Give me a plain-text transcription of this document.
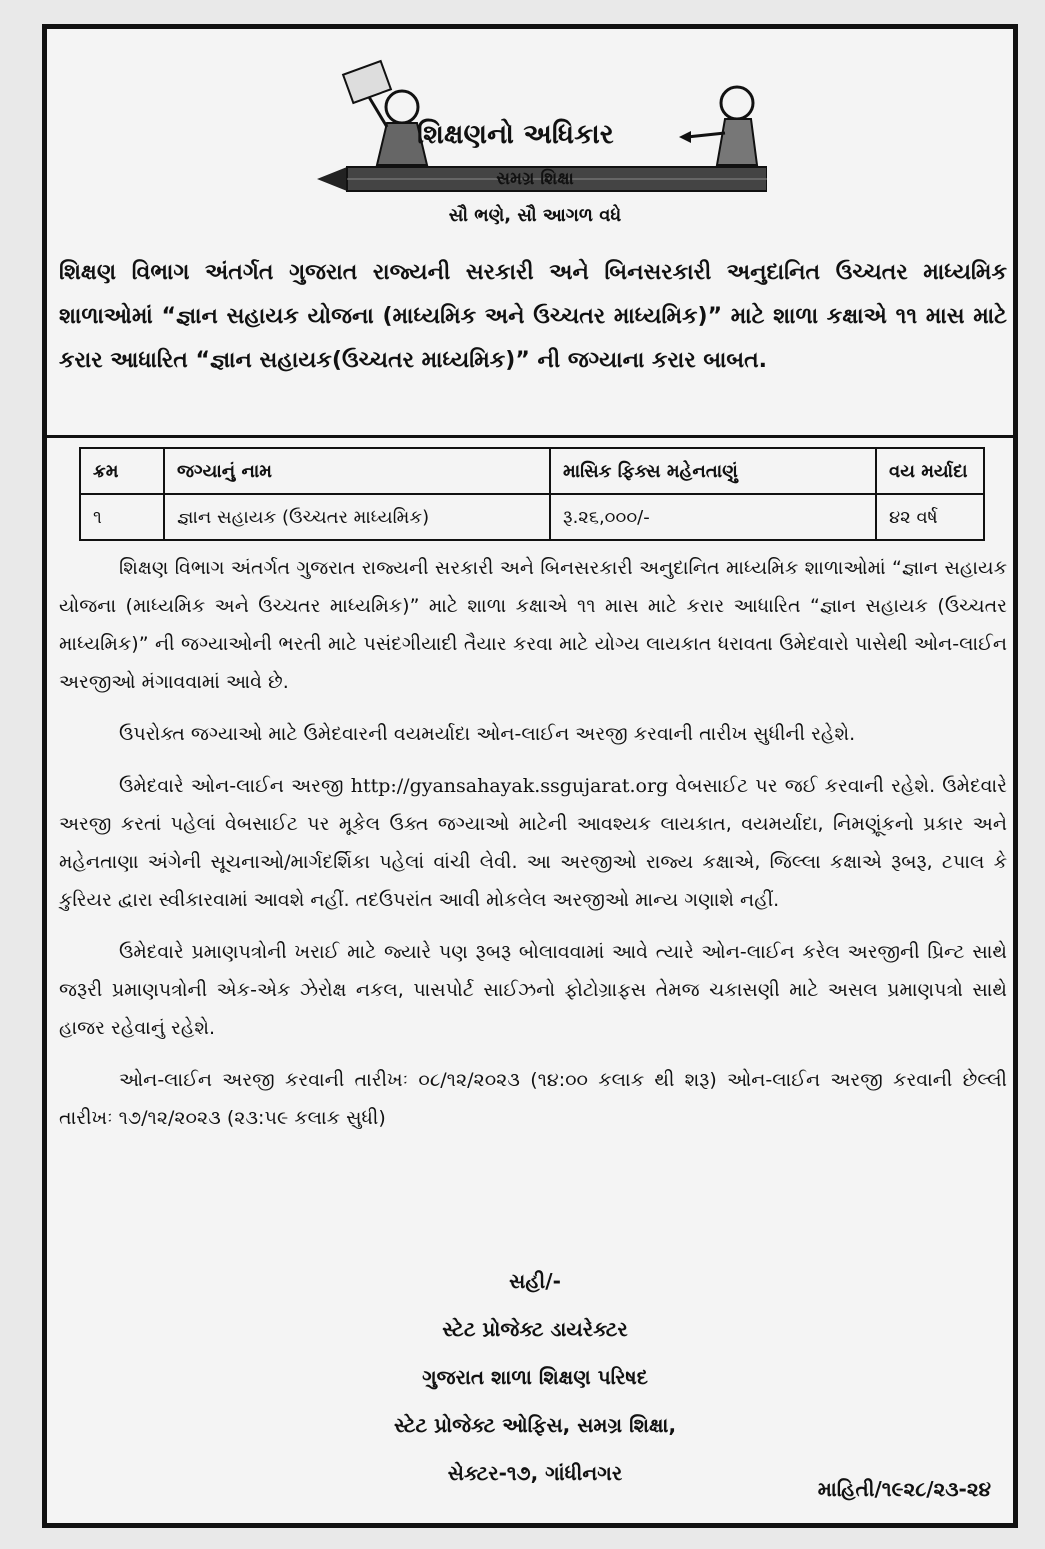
શિક્ષણનો અધિકાર
સમગ્ર શિક્ષા
સૌ ભણે, સૌ આગળ વધે
શિક્ષણ વિભાગ અંતર્ગત ગુજરાત રાજ્યની સરકારી અને બિનસરકારી અનુદાનિત ઉચ્ચતર માધ્યમિક શાળાઓમાં “જ્ઞાન સહાયક યોજના (માધ્યમિક અને ઉચ્ચતર માધ્યમિક)” માટે શાળા કક્ષાએ ૧૧ માસ માટે કરાર આધારિત “જ્ઞાન સહાયક(ઉચ્ચતર માધ્યમિક)” ની જગ્યાના કરાર બાબત.
ક્રમ	જગ્યાનું નામ	માસિક ફિક્સ મહેનતાણું	વય મર્યાદા
૧	જ્ઞાન સહાયક (ઉચ્ચતર માધ્યમિક)	રૂ.૨૬,૦૦૦/-	૪૨ વર્ષ

શિક્ષણ વિભાગ અંતર્ગત ગુજરાત રાજ્યની સરકારી અને બિનસરકારી અનુદાનિત માધ્યમિક શાળાઓમાં “જ્ઞાન સહાયક યોજના (માધ્યમિક અને ઉચ્ચતર માધ્યમિક)” માટે શાળા કક્ષાએ ૧૧ માસ માટે કરાર આધારિત “જ્ઞાન સહાયક (ઉચ્ચતર માધ્યમિક)” ની જગ્યાઓની ભરતી માટે પસંદગીયાદી તૈયાર કરવા માટે યોગ્ય લાયકાત ધરાવતા ઉમેદવારો પાસેથી ઓન-લાઈન અરજીઓ મંગાવવામાં આવે છે.

ઉપરોક્ત જગ્યાઓ માટે ઉમેદવારની વયમર્યાદા ઓન-લાઈન અરજી કરવાની તારીખ સુધીની રહેશે.

ઉમેદવારે ઓન-લાઈન અરજી http://gyansahayak.ssgujarat.org વેબસાઈટ પર જઈ કરવાની રહેશે. ઉમેદવારે અરજી કરતાં પહેલાં વેબસાઈટ પર મૂકેલ ઉક્ત જગ્યાઓ માટેની આવશ્યક લાયકાત, વયમર્યાદા, નિમણૂંકનો પ્રકાર અને મહેનતાણા અંગેની સૂચનાઓ/માર્ગદર્શિકા પહેલાં વાંચી લેવી. આ અરજીઓ રાજ્ય કક્ષાએ, જિલ્લા કક્ષાએ રૂબરૂ, ટપાલ કે કુરિયર દ્વારા સ્વીકારવામાં આવશે નહીં. તદઉપરાંત આવી મોકલેલ અરજીઓ માન્ય ગણાશે નહીં.

ઉમેદવારે પ્રમાણપત્રોની ખરાઈ માટે જ્યારે પણ રૂબરૂ બોલાવવામાં આવે ત્યારે ઓન-લાઈન કરેલ અરજીની પ્રિન્ટ સાથે જરૂરી પ્રમાણપત્રોની એક-એક ઝેરોક્ષ નકલ, પાસપોર્ટ સાઈઝનો ફોટોગ્રાફસ તેમજ ચકાસણી માટે અસલ પ્રમાણપત્રો સાથે હાજર રહેવાનું રહેશે.

ઓન-લાઈન અરજી કરવાની તારીખઃ ૦૮/૧૨/૨૦૨૩ (૧૪:૦૦ કલાક થી શરૂ) ઓન-લાઈન અરજી કરવાની છેલ્લી તારીખઃ ૧૭/૧૨/૨૦૨૩ (૨૩:૫૯ કલાક સુધી)

સહી/-
સ્ટેટ પ્રોજેક્ટ ડાયરેક્ટર
ગુજરાત શાળા શિક્ષણ પરિષદ
સ્ટેટ પ્રોજેક્ટ ઓફિસ, સમગ્ર શિક્ષા,
સેક્ટર-૧૭, ગાંધીનગર
માહિતી/૧૯૨૮/૨૩-૨૪
